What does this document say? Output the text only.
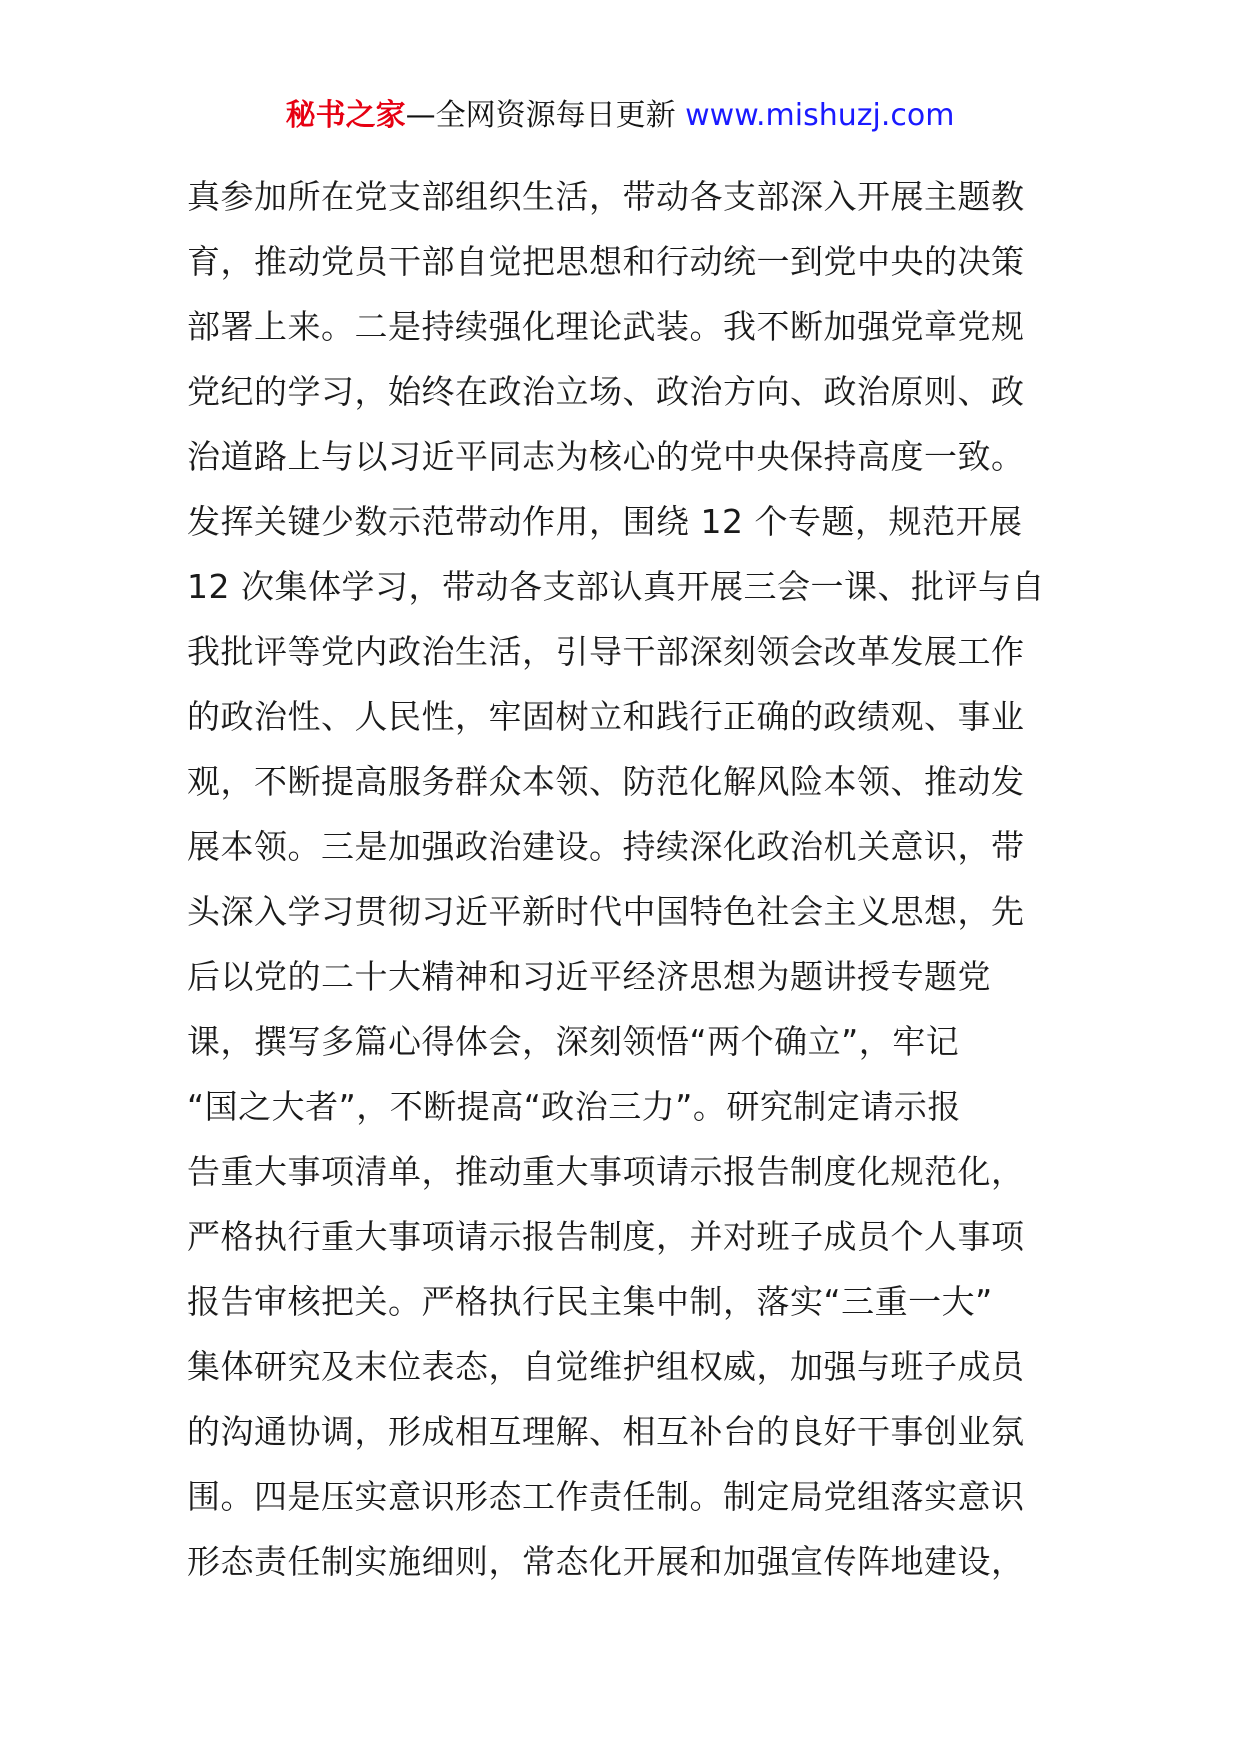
秘书之家—全网资源每日更新 www.mishuzj.com
真参加所在党支部组织生活，带动各支部深入开展主题教
育，推动党员干部自觉把思想和行动统一到党中央的决策
部署上来。二是持续强化理论武装。我不断加强党章党规
党纪的学习，始终在政治立场、政治方向、政治原则、政
治道路上与以习近平同志为核心的党中央保持高度一致。
发挥关键少数示范带动作用，围绕 12 个专题，规范开展
12 次集体学习，带动各支部认真开展三会一课、批评与自
我批评等党内政治生活，引导干部深刻领会改革发展工作
的政治性、人民性，牢固树立和践行正确的政绩观、事业
观，不断提高服务群众本领、防范化解风险本领、推动发
展本领。三是加强政治建设。持续深化政治机关意识，带
头深入学习贯彻习近平新时代中国特色社会主义思想，先
后以党的二十大精神和习近平经济思想为题讲授专题党
课，撰写多篇心得体会，深刻领悟“两个确立”，牢记
“国之大者”，不断提高“政治三力”。研究制定请示报
告重大事项清单，推动重大事项请示报告制度化规范化，
严格执行重大事项请示报告制度，并对班子成员个人事项
报告审核把关。严格执行民主集中制，落实“三重一大”
集体研究及末位表态，自觉维护组权威，加强与班子成员
的沟通协调，形成相互理解、相互补台的良好干事创业氛
围。四是压实意识形态工作责任制。制定局党组落实意识
形态责任制实施细则，常态化开展和加强宣传阵地建设，
